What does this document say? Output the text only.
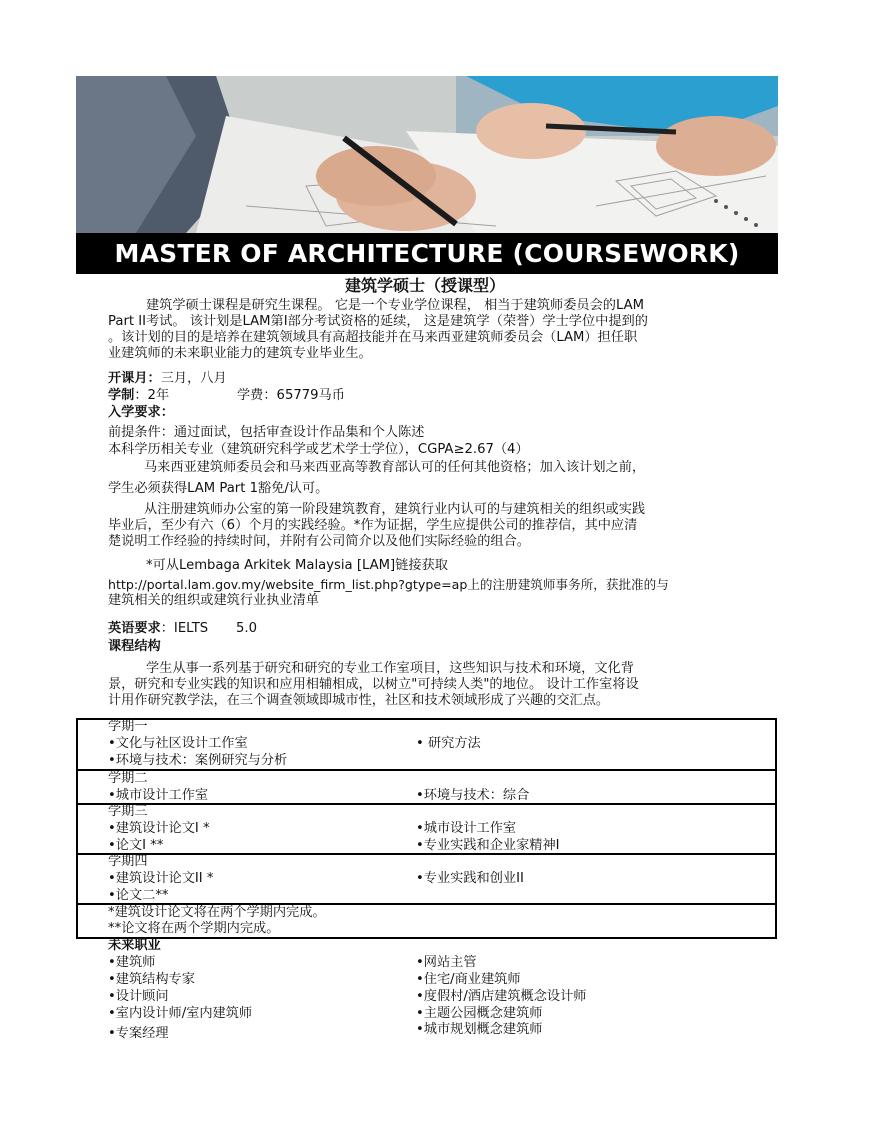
MASTER OF ARCHITECTURE (COURSEWORK)
建筑学硕士（授课型）
建筑学硕士课程是研究生课程。 它是一个专业学位课程， 相当于建筑师委员会的LAM
Part II考试。 该计划是LAM第I部分考试资格的延续， 这是建筑学（荣誉）学士学位中提到的
。该计划的目的是培养在建筑领域具有高超技能并在马来西亚建筑师委员会（LAM）担任职
业建筑师的未来职业能力的建筑专业毕业生。
开课月：三月，八月
学制：2年	学费：65779马币
入学要求：
前提条件：通过面试，包括审查设计作品集和个人陈述
本科学历相关专业（建筑研究科学或艺术学士学位），CGPA≥2.67（4）
马来西亚建筑师委员会和马来西亚高等教育部认可的任何其他资格；加入该计划之前，
学生必须获得LAM Part 1豁免/认可。
从注册建筑师办公室的第一阶段建筑教育，建筑行业内认可的与建筑相关的组织或实践
毕业后，至少有六（6）个月的实践经验。*作为证据，学生应提供公司的推荐信，其中应清
楚说明工作经验的持续时间，并附有公司简介以及他们实际经验的组合。
*可从Lembaga Arkitek Malaysia [LAM]链接获取
http://portal.lam.gov.my/website_firm_list.php?gtype=ap上的注册建筑师事务所，获批准的与
建筑相关的组织或建筑行业执业清单
英语要求：IELTS 5.0
课程结构
学生从事一系列基于研究和研究的专业工作室项目，这些知识与技术和环境，文化背
景，研究和专业实践的知识和应用相辅相成，以树立"可持续人类"的地位。 设计工作室将设
计用作研究教学法，在三个调查领域即城市性，社区和技术领域形成了兴趣的交汇点。
学期一
•文化与社区设计工作室
•环境与技术：案例研究与分析
• 研究方法
学期二
•城市设计工作室	•环境与技术：综合
学期三
•建筑设计论文I *
•论文I **
•城市设计工作室
•专业实践和企业家精神I
学期四
•建筑设计论文II *
•论文二**
•专业实践和创业II
*建筑设计论文将在两个学期内完成。
**论文将在两个学期内完成。
未来职业
•建筑师
•建筑结构专家
•设计顾问
•室内设计师/室内建筑师
•专案经理
•网站主管
•住宅/商业建筑师
•度假村/酒店建筑概念设计师
•主题公园概念建筑师
•城市规划概念建筑师
